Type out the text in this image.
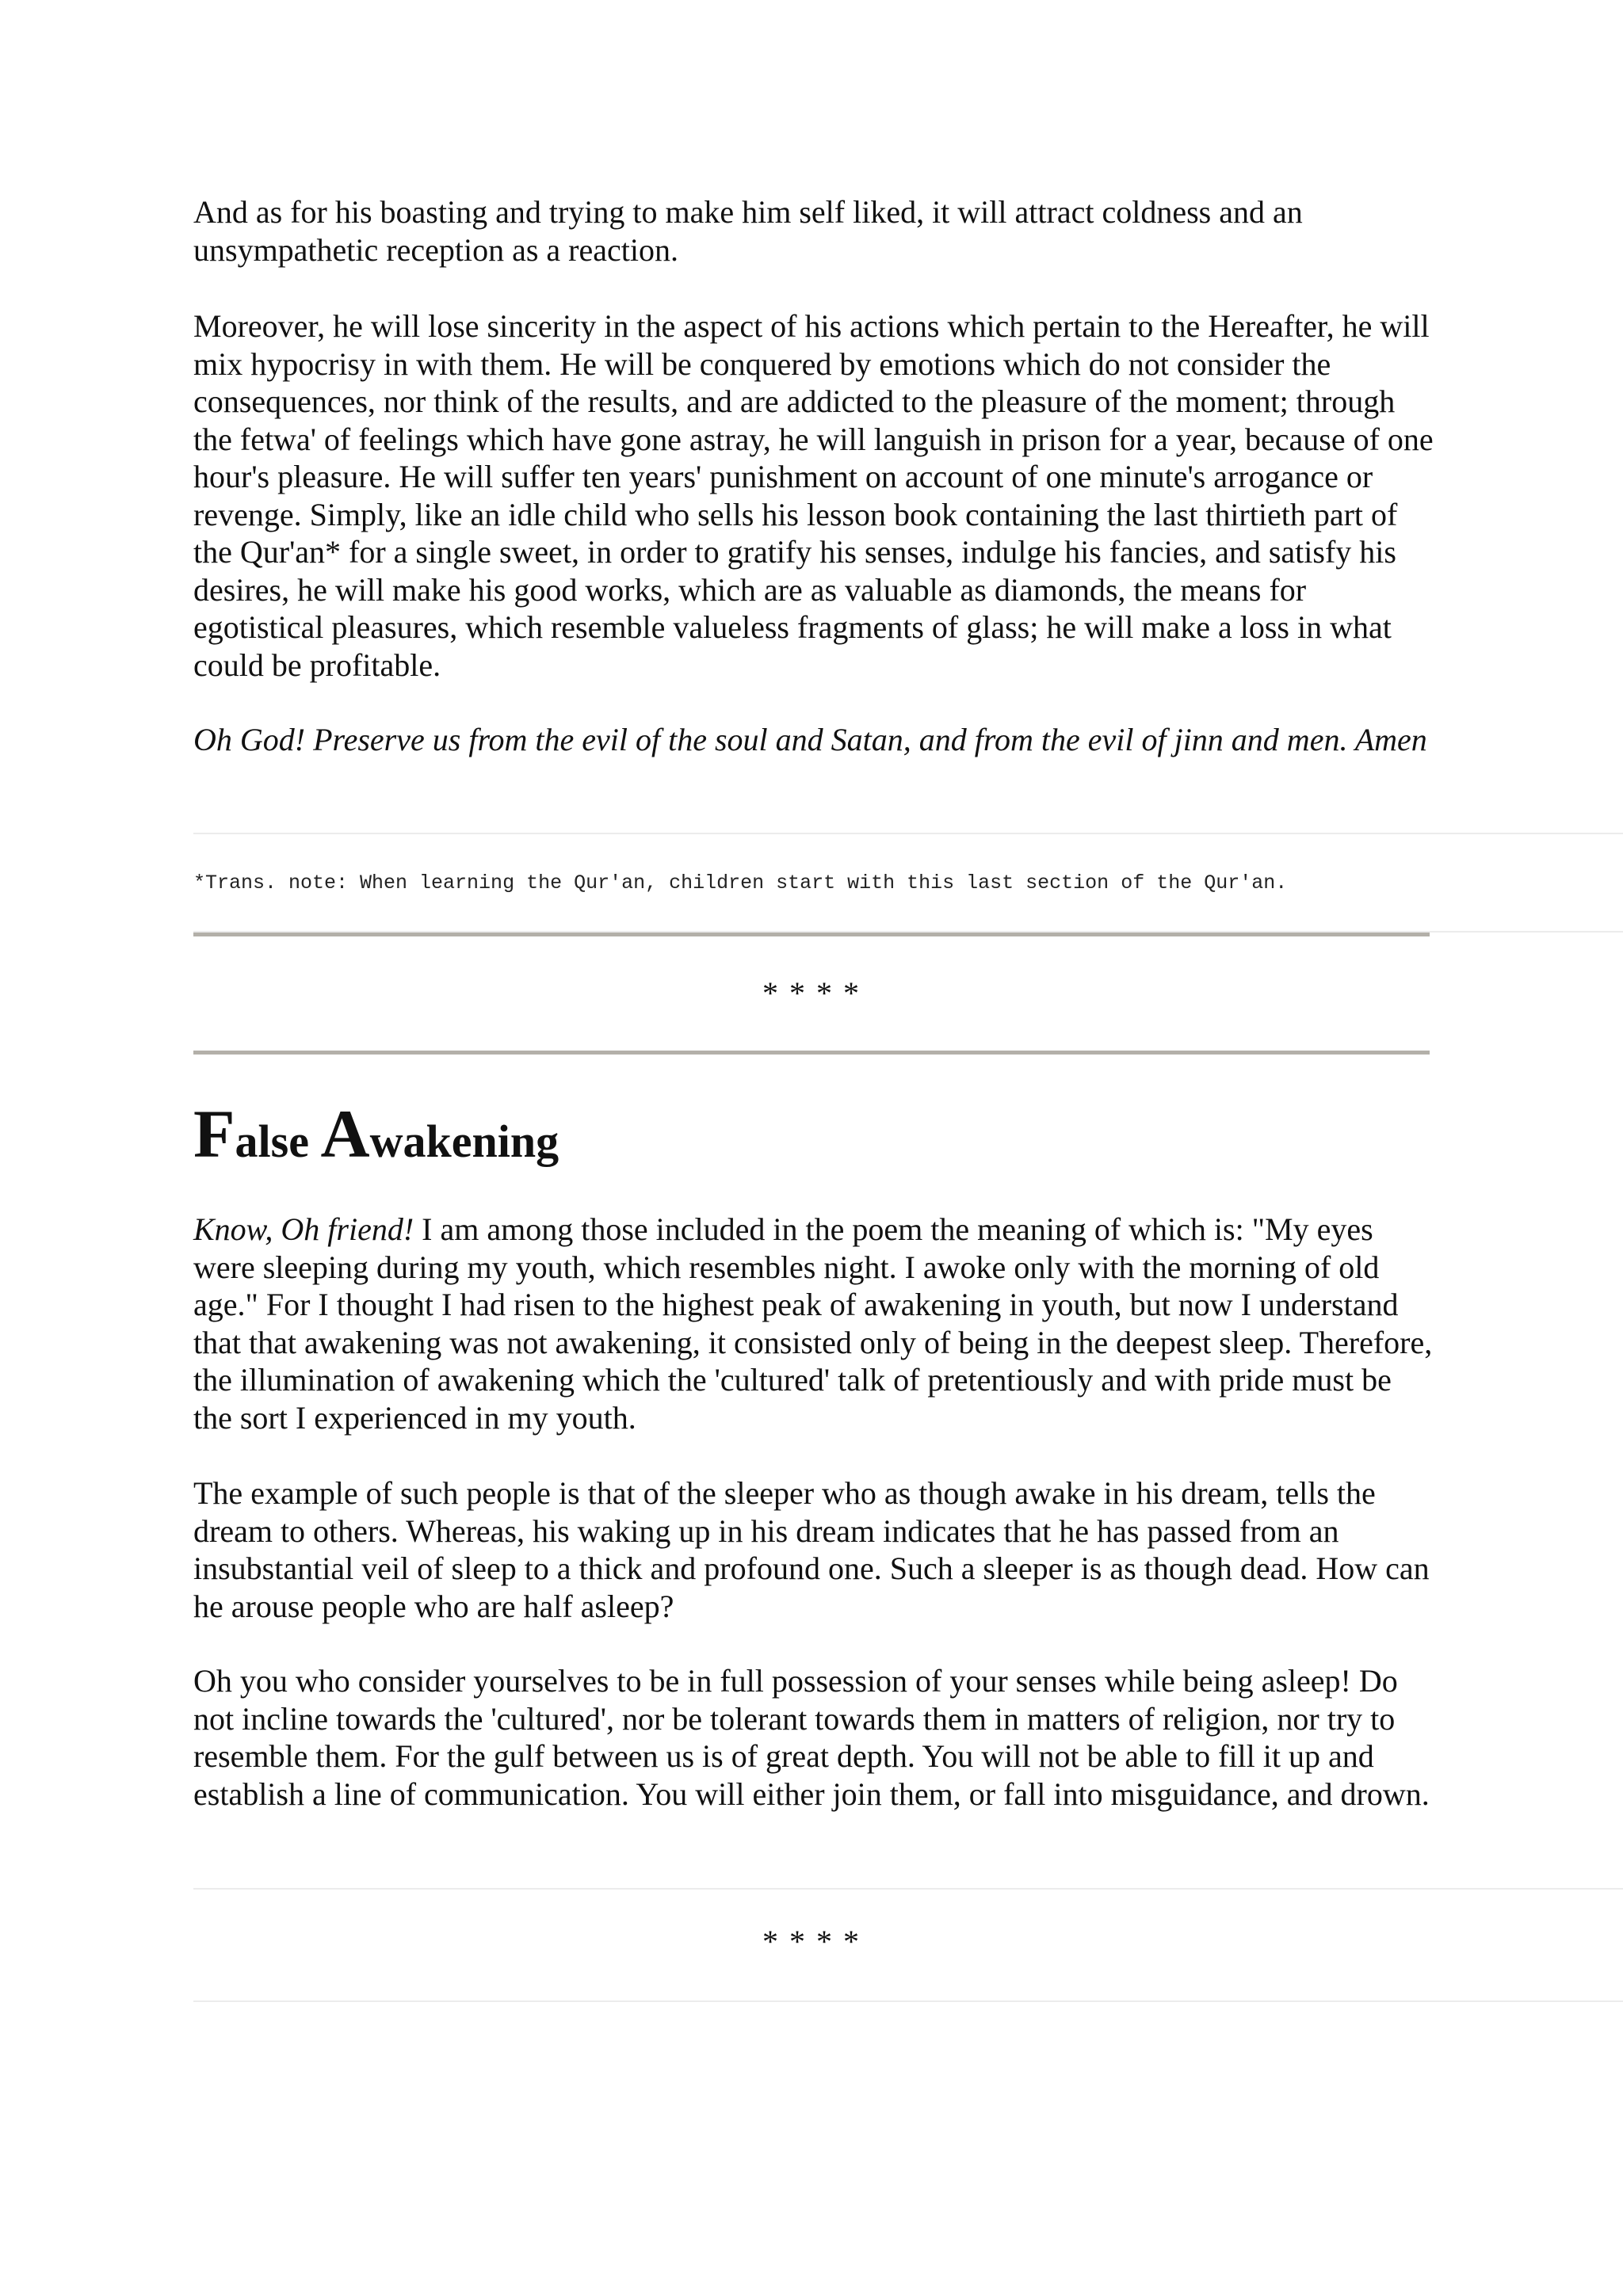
And as for his boasting and trying to make him self liked, it will attract coldness and an unsympathetic reception as a reaction.

Moreover, he will lose sincerity in the aspect of his actions which pertain to the Hereafter, he will mix hypocrisy in with them. He will be conquered by emotions which do not consider the consequences, nor think of the results, and are addicted to the pleasure of the moment; through the fetwa' of feelings which have gone astray, he will languish in prison for a year, because of one hour's pleasure. He will suffer ten years' punishment on account of one minute's arrogance or revenge. Simply, like an idle child who sells his lesson book containing the last thirtieth part of the Qur'an* for a single sweet, in order to gratify his senses, indulge his fancies, and satisfy his desires, he will make his good works, which are as valuable as diamonds, the means for egotistical pleasures, which resemble valueless fragments of glass; he will make a loss in what could be profitable.

Oh God! Preserve us from the evil of the soul and Satan, and from the evil of jinn and men. Amen

*Trans. note: When learning the Qur'an, children start with this last section of the Qur'an.

* * * *

False Awakening

Know, Oh friend! I am among those included in the poem the meaning of which is: "My eyes were sleeping during my youth, which resembles night. I awoke only with the morning of old age." For I thought I had risen to the highest peak of awakening in youth, but now I understand that that awakening was not awakening, it consisted only of being in the deepest sleep. Therefore, the illumination of awakening which the 'cultured' talk of pretentiously and with pride must be the sort I experienced in my youth.

The example of such people is that of the sleeper who as though awake in his dream, tells the dream to others. Whereas, his waking up in his dream indicates that he has passed from an insubstantial veil of sleep to a thick and profound one. Such a sleeper is as though dead. How can he arouse people who are half asleep?

Oh you who consider yourselves to be in full possession of your senses while being asleep! Do not incline towards the 'cultured', nor be tolerant towards them in matters of religion, nor try to resemble them. For the gulf between us is of great depth. You will not be able to fill it up and establish a line of communication. You will either join them, or fall into misguidance, and drown.

* * * *
